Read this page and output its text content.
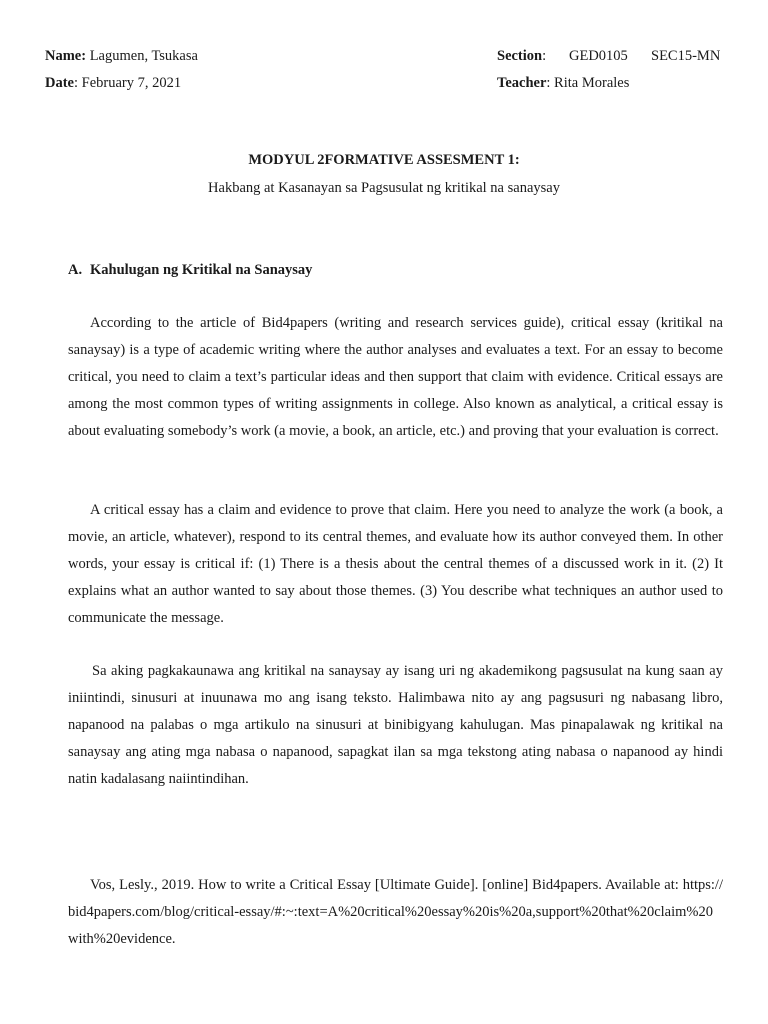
Name: Lagumen, Tsukasa
Date: February 7, 2021
Section: GED0105 SEC15-MN
Teacher: Rita Morales
MODYUL 2FORMATIVE ASSESMENT 1:
Hakbang at Kasanayan sa Pagsusulat ng kritikal na sanaysay
A. Kahulugan ng Kritikal na Sanaysay

According to the article of Bid4papers (writing and research services guide), critical essay (kritikal na sanaysay) is a type of academic writing where the author analyses and evaluates a text. For an essay to become critical, you need to claim a text’s particular ideas and then support that claim with evidence. Critical essays are among the most common types of writing assignments in college. Also known as analytical, a critical essay is about evaluating somebody’s work (a movie, a book, an article, etc.) and proving that your evaluation is correct.

A critical essay has a claim and evidence to prove that claim. Here you need to analyze the work (a book, a movie, an article, whatever), respond to its central themes, and evaluate how its author conveyed them. In other words, your essay is critical if: (1) There is a thesis about the central themes of a discussed work in it. (2) It explains what an author wanted to say about those themes. (3) You describe what techniques an author used to communicate the message.

Sa aking pagkakaunawa ang kritikal na sanaysay ay isang uri ng akademikong pagsusulat na kung saan ay iniintindi, sinusuri at inuunawa mo ang isang teksto. Halimbawa nito ay ang pagsusuri ng nabasang libro, napanood na palabas o mga artikulo na sinusuri at binibigyang kahulugan. Mas pinapalawak ng kritikal na sanaysay ang ating mga nabasa o napanood, sapagkat ilan sa mga tekstong ating nabasa o napanood ay hindi natin kadalasang naiintindihan.

Vos, Lesly., 2019. How to write a Critical Essay [Ultimate Guide]. [online] Bid4papers. Available at: https://bid4papers.com/blog/critical-essay/#:~:text=A%20critical%20essay%20is%20a,support%20that%20claim%20with%20evidence.
